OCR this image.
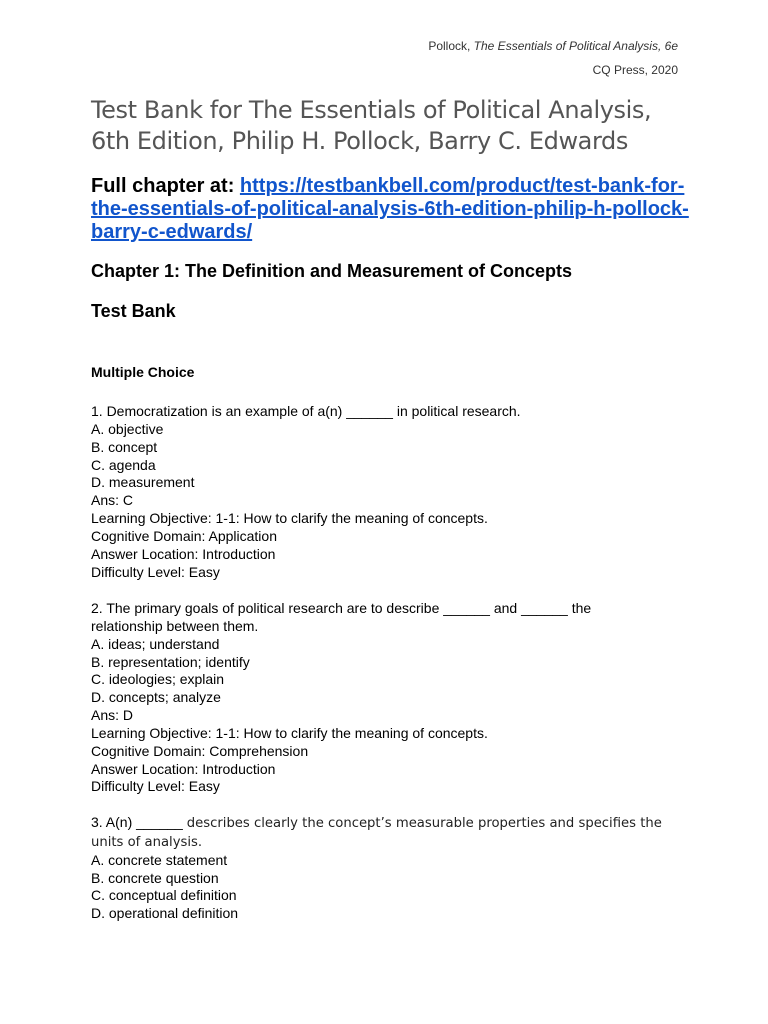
Pollock, The Essentials of Political Analysis, 6e
CQ Press, 2020
Test Bank for The Essentials of Political Analysis, 6th Edition, Philip H. Pollock, Barry C. Edwards

Full chapter at: https://testbankbell.com/product/test-bank-for-the-essentials-of-political-analysis-6th-edition-philip-h-pollock-barry-c-edwards/

Chapter 1: The Definition and Measurement of Concepts
Test Bank
Multiple Choice
1. Democratization is an example of a(n) ______ in political research.
A. objective
B. concept
C. agenda
D. measurement
Ans: C
Learning Objective: 1-1: How to clarify the meaning of concepts.
Cognitive Domain: Application
Answer Location: Introduction
Difficulty Level: Easy
2. The primary goals of political research are to describe ______ and ______ the relationship between them.
A. ideas; understand
B. representation; identify
C. ideologies; explain
D. concepts; analyze
Ans: D
Learning Objective: 1-1: How to clarify the meaning of concepts.
Cognitive Domain: Comprehension
Answer Location: Introduction
Difficulty Level: Easy
3. A(n) ______ describes clearly the concept’s measurable properties and specifies the units of analysis.
A. concrete statement
B. concrete question
C. conceptual definition
D. operational definition
